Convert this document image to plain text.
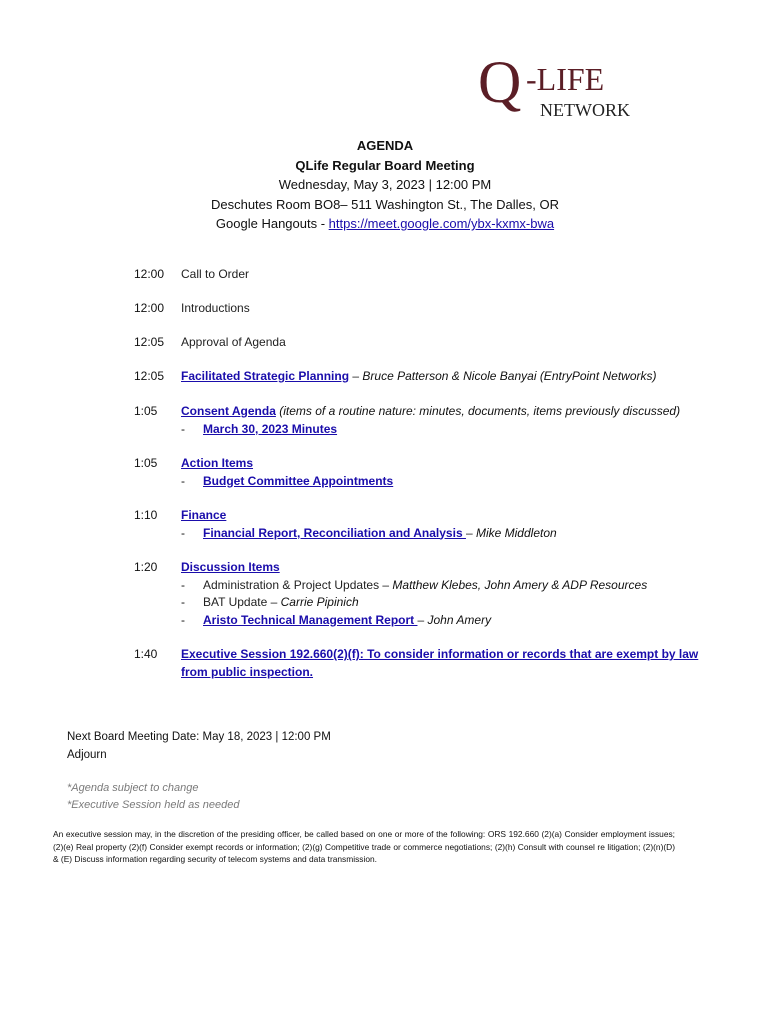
Q -LIFE
NETWORK
AGENDA
QLife Regular Board Meeting
Wednesday, May 3, 2023 | 12:00 PM
Deschutes Room BO8– 511 Washington St., The Dalles, OR
Google Hangouts - https://meet.google.com/ybx-kxmx-bwa
12:00	Call to Order
12:00	Introductions
12:05	Approval of Agenda
12:05	Facilitated Strategic Planning – Bruce Patterson & Nicole Banyai (EntryPoint Networks)
1:05	Consent Agenda (items of a routine nature: minutes, documents, items previously discussed)
- March 30, 2023 Minutes
1:05	Action Items
- Budget Committee Appointments
1:10	Finance
- Financial Report, Reconciliation and Analysis – Mike Middleton
1:20	Discussion Items
- Administration & Project Updates – Matthew Klebes, John Amery & ADP Resources
- BAT Update – Carrie Pipinich
- Aristo Technical Management Report – John Amery
1:40	Executive Session 192.660(2)(f): To consider information or records that are exempt by law
from public inspection.
Next Board Meeting Date: May 18, 2023 | 12:00 PM
Adjourn
*Agenda subject to change
*Executive Session held as needed
An executive session may, in the discretion of the presiding officer, be called based on one or more of the following: ORS 192.660 (2)(a) Consider employment issues; (2)(e) Real property (2)(f) Consider exempt records or information; (2)(g) Competitive trade or commerce negotiations; (2)(h) Consult with counsel re litigation; (2)(n)(D) & (E) Discuss information regarding security of telecom systems and data transmission.
